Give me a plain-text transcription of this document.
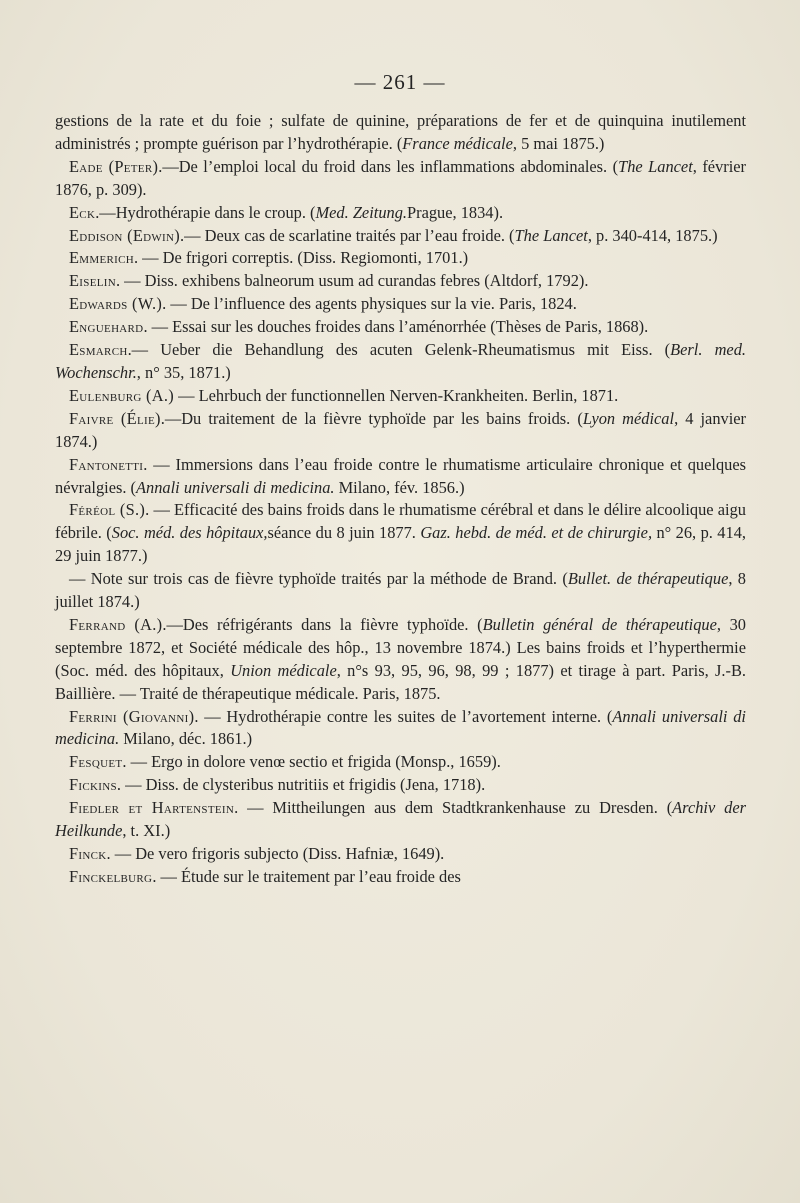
— 261 —

gestions de la rate et du foie ; sulfate de quinine, préparations de fer et de quinquina inutilement administrés ; prompte guérison par l’hydrothérapie. (France médicale, 5 mai 1875.)

Eade (Peter).—De l’emploi local du froid dans les inflammations abdominales. (The Lancet, février 1876, p. 309).

Eck.—Hydrothérapie dans le croup. (Med. Zeitung.Prague, 1834).

Eddison (Edwin).— Deux cas de scarlatine traités par l’eau froide. (The Lancet, p. 340-414, 1875.)

Emmerich. — De frigori correptis. (Diss. Regiomonti, 1701.)

Eiselin. — Diss. exhibens balneorum usum ad curandas febres (Altdorf, 1792).

Edwards (W.). — De l’influence des agents physiques sur la vie. Paris, 1824.

Enguehard. — Essai sur les douches froides dans l’aménorrhée (Thèses de Paris, 1868).

Esmarch.— Ueber die Behandlung des acuten Gelenk-Rheumatismus mit Eiss. (Berl. med. Wochenschr., n° 35, 1871.)

Eulenburg (A.) — Lehrbuch der functionnellen Nerven-Krankheiten. Berlin, 1871.

Faivre (Élie).—Du traitement de la fièvre typhoïde par les bains froids. (Lyon médical, 4 janvier 1874.)

Fantonetti. — Immersions dans l’eau froide contre le rhumatisme articulaire chronique et quelques névralgies. (Annali universali di medicina. Milano, fév. 1856.)

Féréol (S.). — Efficacité des bains froids dans le rhumatisme cérébral et dans le délire alcoolique aigu fébrile. (Soc. méd. des hôpitaux,séance du 8 juin 1877. Gaz. hebd. de méd. et de chirurgie, n° 26, p. 414, 29 juin 1877.)

— Note sur trois cas de fièvre typhoïde traités par la méthode de Brand. (Bullet. de thérapeutique, 8 juillet 1874.)

Ferrand (A.).—Des réfrigérants dans la fièvre typhoïde. (Bulletin général de thérapeutique, 30 septembre 1872, et Société médicale des hôp., 13 novembre 1874.) Les bains froids et l’hyperthermie (Soc. méd. des hôpitaux, Union médicale, n°s 93, 95, 96, 98, 99 ; 1877) et tirage à part. Paris, J.-B. Baillière. — Traité de thérapeutique médicale. Paris, 1875.

Ferrini (Giovanni). — Hydrothérapie contre les suites de l’avortement interne. (Annali universali di medicina. Milano, déc. 1861.)

Fesquet. — Ergo in dolore venœ sectio et frigida (Monsp., 1659).

Fickins. — Diss. de clysteribus nutritiis et frigidis (Jena, 1718).

Fiedler et Hartenstein. — Mittheilungen aus dem Stadtkrankenhause zu Dresden. (Archiv der Heilkunde, t. XI.)

Finck. — De vero frigoris subjecto (Diss. Hafniæ, 1649).

Finckelburg. — Étude sur le traitement par l’eau froide des
